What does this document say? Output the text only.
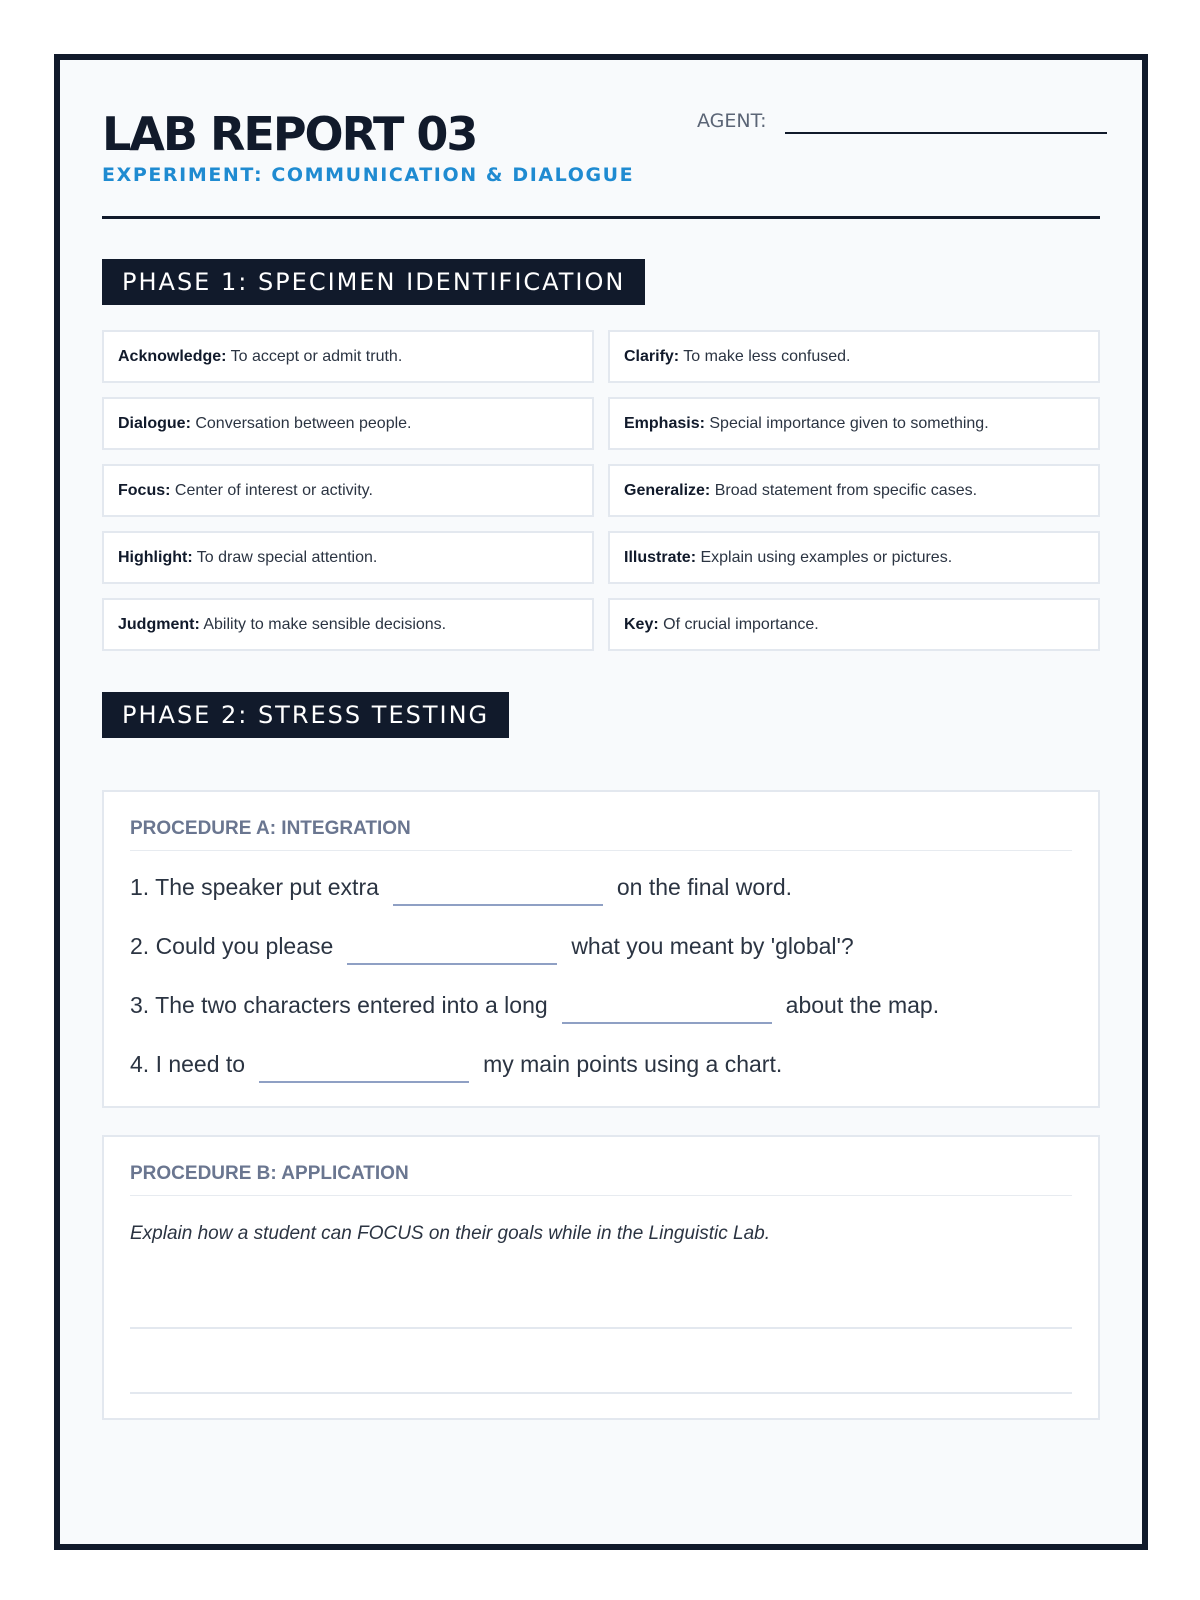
LAB REPORT 03
EXPERIMENT: COMMUNICATION & DIALOGUE
AGENT:
PHASE 1: SPECIMEN IDENTIFICATION
Acknowledge: To accept or admit truth.	Clarify: To make less confused.
Dialogue: Conversation between people.	Emphasis: Special importance given to something.
Focus: Center of interest or activity.	Generalize: Broad statement from specific cases.
Highlight: To draw special attention.	Illustrate: Explain using examples or pictures.
Judgment: Ability to make sensible decisions.	Key: Of crucial importance.
PHASE 2: STRESS TESTING
PROCEDURE A: INTEGRATION
1. The speaker put extra	on the final word.
2. Could you please	what you meant by 'global'?
3. The two characters entered into a long	about the map.
4. I need to	my main points using a chart.
PROCEDURE B: APPLICATION
Explain how a student can FOCUS on their goals while in the Linguistic Lab.
